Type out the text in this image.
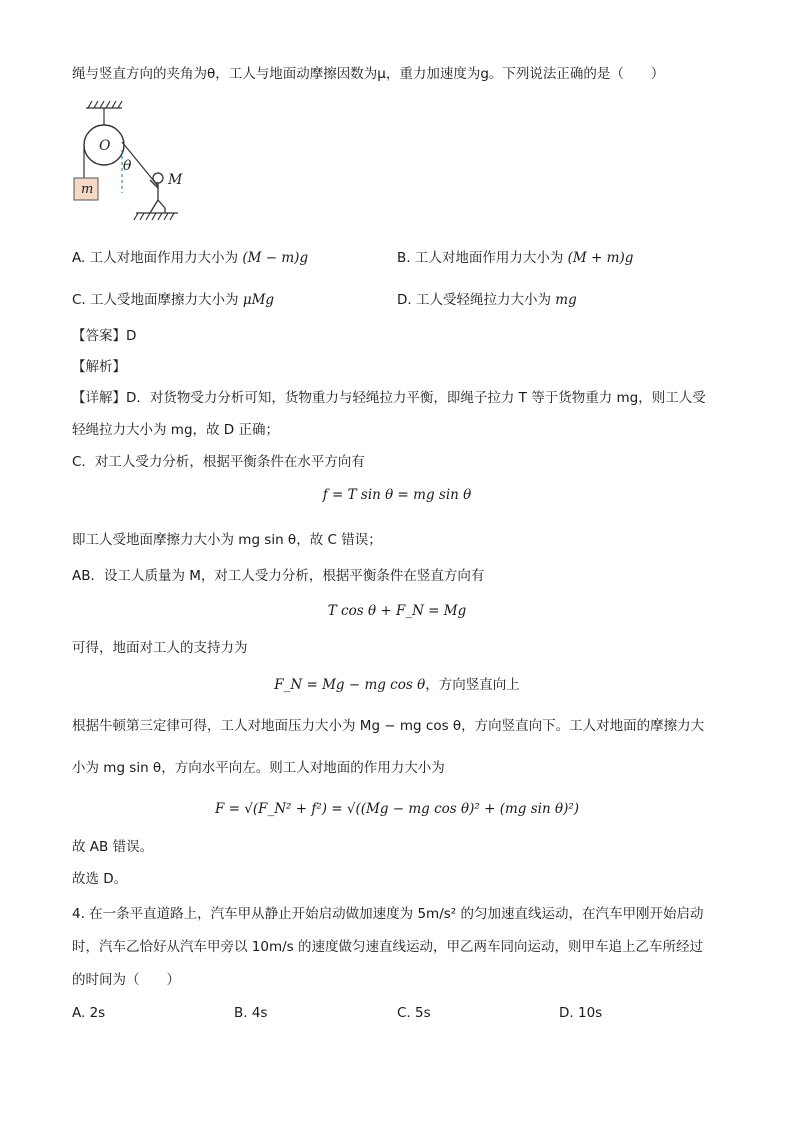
绳与竖直方向的夹角为θ，工人与地面动摩擦因数为μ，重力加速度为g。下列说法正确的是（　　）
O
m
θ
M
A. 工人对地面作用力大小为 (M − m)g	B. 工人对地面作用力大小为 (M + m)g
C. 工人受地面摩擦力大小为 μMg	D. 工人受轻绳拉力大小为 mg
【答案】D
【解析】
【详解】D．对货物受力分析可知，货物重力与轻绳拉力平衡，即绳子拉力 T 等于货物重力 mg，则工人受
轻绳拉力大小为 mg，故 D 正确；
C．对工人受力分析，根据平衡条件在水平方向有
f = T sin θ = mg sin θ
即工人受地面摩擦力大小为 mg sin θ，故 C 错误；
AB．设工人质量为 M，对工人受力分析，根据平衡条件在竖直方向有
T cos θ + F_N = Mg
可得，地面对工人的支持力为
F_N = Mg − mg cos θ，方向竖直向上
根据牛顿第三定律可得，工人对地面压力大小为 Mg − mg cos θ，方向竖直向下。工人对地面的摩擦力大
小为 mg sin θ，方向水平向左。则工人对地面的作用力大小为
F = √(F_N² + f²) = √((Mg − mg cos θ)² + (mg sin θ)²)
故 AB 错误。
故选 D。
4. 在一条平直道路上，汽车甲从静止开始启动做加速度为 5m/s² 的匀加速直线运动，在汽车甲刚开始启动
时，汽车乙恰好从汽车甲旁以 10m/s 的速度做匀速直线运动，甲乙两车同向运动，则甲车追上乙车所经过
的时间为（　　）
A. 2s	B. 4s	C. 5s	D. 10s
